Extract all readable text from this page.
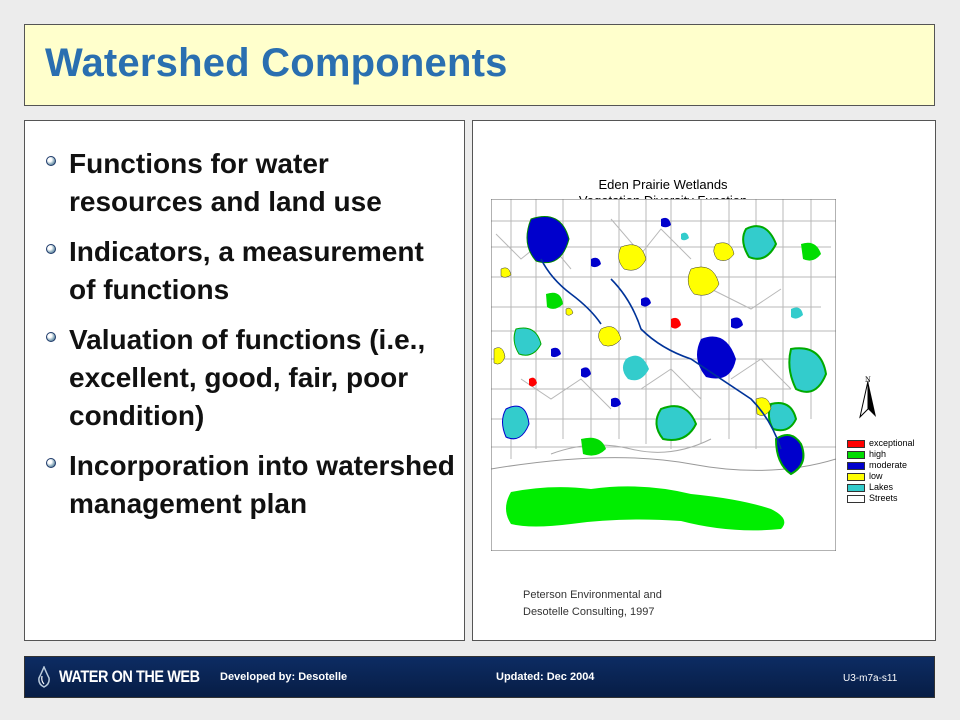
Watershed Components
Functions for water resources and land use
Indicators, a measurement of functions
Valuation of functions (i.e., excellent, good, fair, poor condition)
Incorporation into watershed management plan
Eden Prairie Wetlands
N
exceptional
high
moderate
low
Lakes
Streets
Peterson Environmental and
Desotelle Consulting, 1997
WATER ON THE WEB Developed by: Desotelle	Updated: Dec 2004	U3-m7a-s11
